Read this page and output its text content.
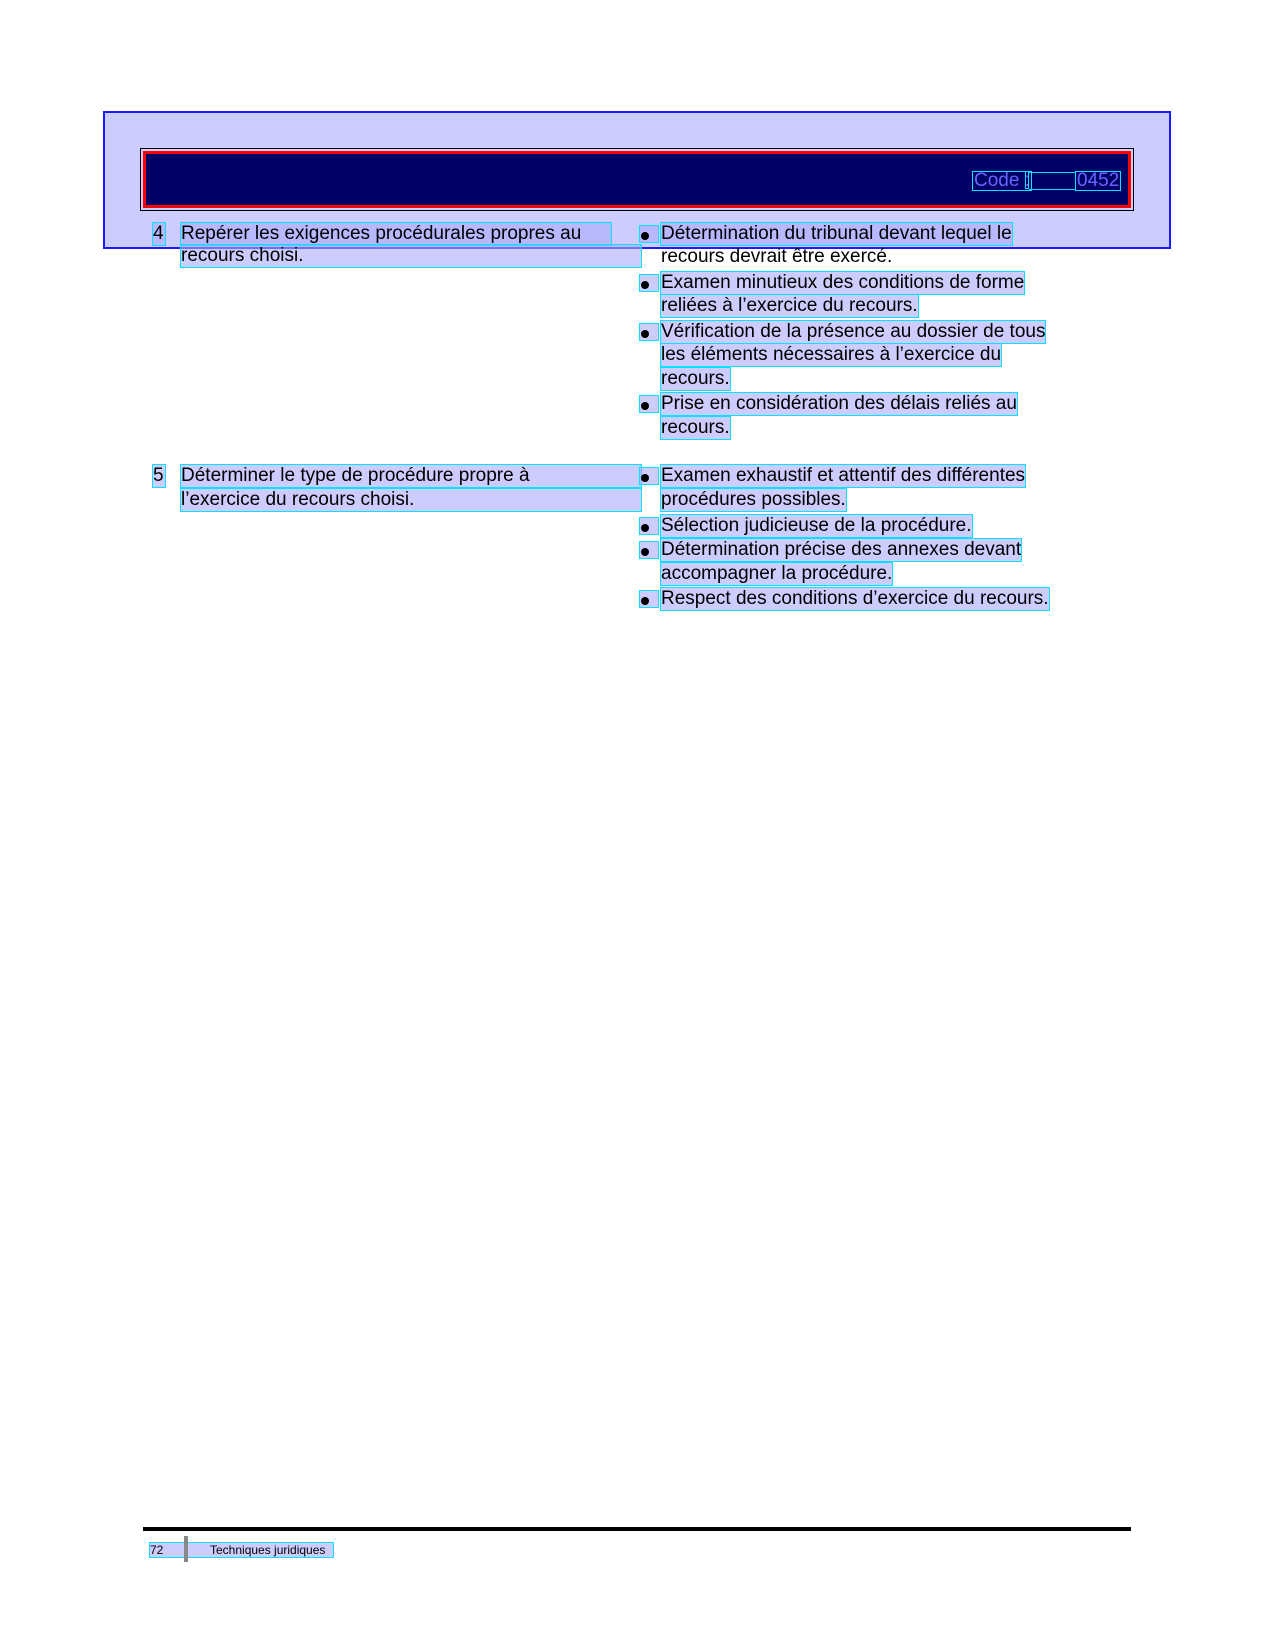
Code : 0452
4 Repérer les exigences procédurales propres au
recours choisi.
Détermination du tribunal devant lequel le
recours devrait être exercé.
Examen minutieux des conditions de forme
reliées à l’exercice du recours.
Vérification de la présence au dossier de tous
les éléments nécessaires à l’exercice du
recours.
Prise en considération des délais reliés au
recours.
5 Déterminer le type de procédure propre à
l’exercice du recours choisi.
Examen exhaustif et attentif des différentes
procédures possibles.
Sélection judicieuse de la procédure.
Détermination précise des annexes devant
accompagner la procédure.
Respect des conditions d’exercice du recours.
72	Techniques juridiques
